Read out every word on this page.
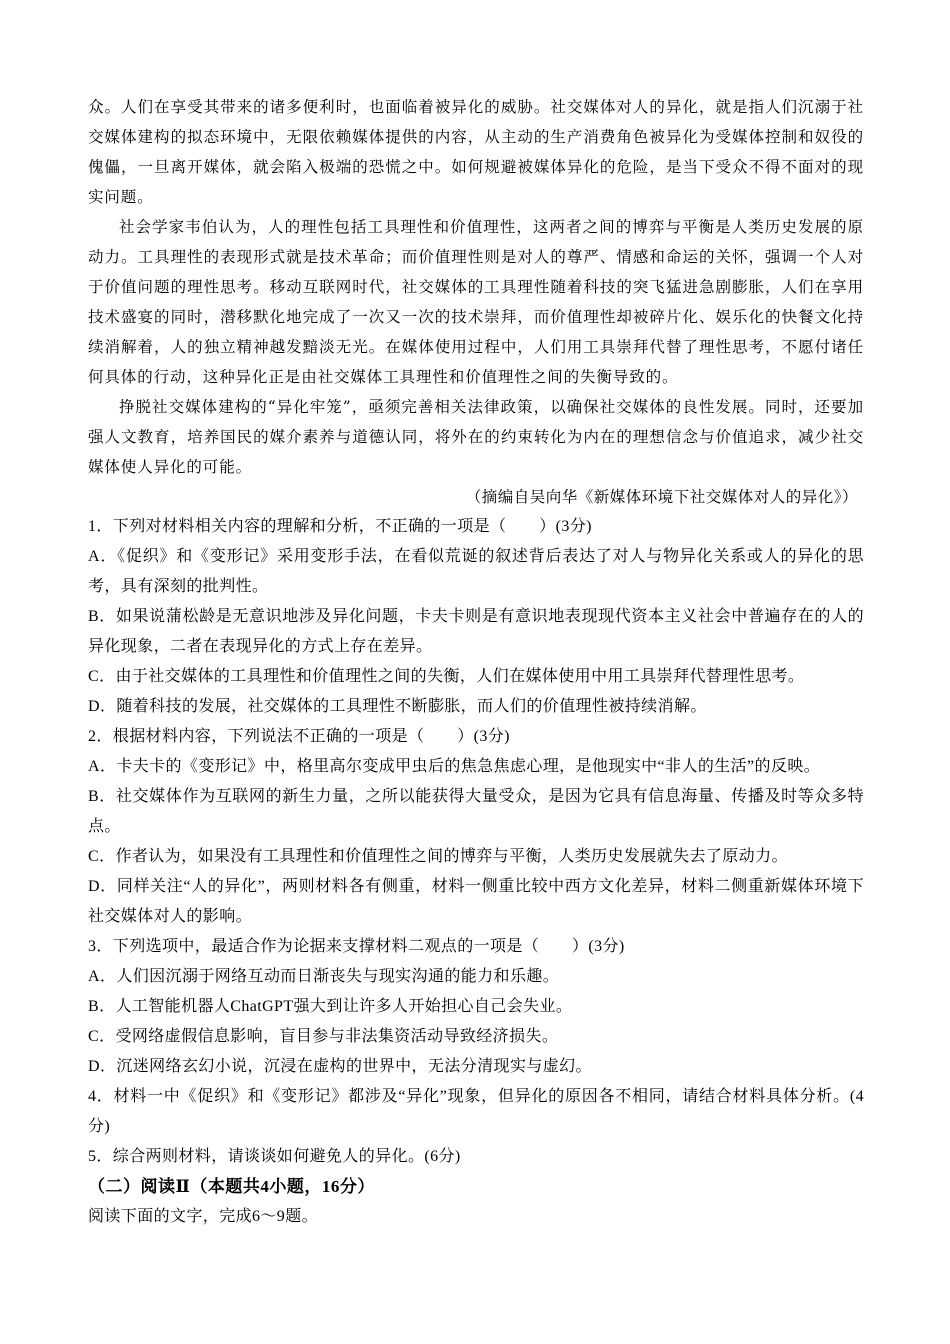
众。人们在享受其带来的诸多便利时，也面临着被异化的威胁。社交媒体对人的异化，就是指人们沉溺于社交媒体建构的拟态环境中，无限依赖媒体提供的内容，从主动的生产消费角色被异化为受媒体控制和奴役的傀儡，一旦离开媒体，就会陷入极端的恐慌之中。如何规避被媒体异化的危险，是当下受众不得不面对的现实问题。

社会学家韦伯认为，人的理性包括工具理性和价值理性，这两者之间的博弈与平衡是人类历史发展的原动力。工具理性的表现形式就是技术革命；而价值理性则是对人的尊严、情感和命运的关怀，强调一个人对于价值问题的理性思考。移动互联网时代，社交媒体的工具理性随着科技的突飞猛进急剧膨胀，人们在享用技术盛宴的同时，潜移默化地完成了一次又一次的技术崇拜，而价值理性却被碎片化、娱乐化的快餐文化持续消解着，人的独立精神越发黯淡无光。在媒体使用过程中，人们用工具崇拜代替了理性思考，不愿付诸任何具体的行动，这种异化正是由社交媒体工具理性和价值理性之间的失衡导致的。

挣脱社交媒体建构的“异化牢笼”，亟须完善相关法律政策，以确保社交媒体的良性发展。同时，还要加强人文教育，培养国民的媒介素养与道德认同，将外在的约束转化为内在的理想信念与价值追求，减少社交媒体使人异化的可能。

（摘编自吴向华《新媒体环境下社交媒体对人的异化》）
1．下列对材料相关内容的理解和分析，不正确的一项是（　　）(3分)
A．《促织》和《变形记》采用变形手法，在看似荒诞的叙述背后表达了对人与物异化关系或人的异化的思考，具有深刻的批判性。
B．如果说蒲松龄是无意识地涉及异化问题，卡夫卡则是有意识地表现现代资本主义社会中普遍存在的人的异化现象，二者在表现异化的方式上存在差异。
C．由于社交媒体的工具理性和价值理性之间的失衡，人们在媒体使用中用工具崇拜代替理性思考。
D．随着科技的发展，社交媒体的工具理性不断膨胀，而人们的价值理性被持续消解。
2．根据材料内容，下列说法不正确的一项是（　　）(3分)
A．卡夫卡的《变形记》中，格里高尔变成甲虫后的焦急焦虑心理，是他现实中“非人的生活”的反映。
B．社交媒体作为互联网的新生力量，之所以能获得大量受众，是因为它具有信息海量、传播及时等众多特点。
C．作者认为，如果没有工具理性和价值理性之间的博弈与平衡，人类历史发展就失去了原动力。
D．同样关注“人的异化”，两则材料各有侧重，材料一侧重比较中西方文化差异，材料二侧重新媒体环境下社交媒体对人的影响。
3．下列选项中，最适合作为论据来支撑材料二观点的一项是（　　）(3分)
A．人们因沉溺于网络互动而日渐丧失与现实沟通的能力和乐趣。
B．人工智能机器人ChatGPT强大到让许多人开始担心自己会失业。
C．受网络虚假信息影响，盲目参与非法集资活动导致经济损失。
D．沉迷网络玄幻小说，沉浸在虚构的世界中，无法分清现实与虚幻。
4．材料一中《促织》和《变形记》都涉及“异化”现象，但异化的原因各不相同，请结合材料具体分析。(4分)
5．综合两则材料，请谈谈如何避免人的异化。(6分)
（二）阅读Ⅱ（本题共4小题，16分）
阅读下面的文字，完成6～9题。
